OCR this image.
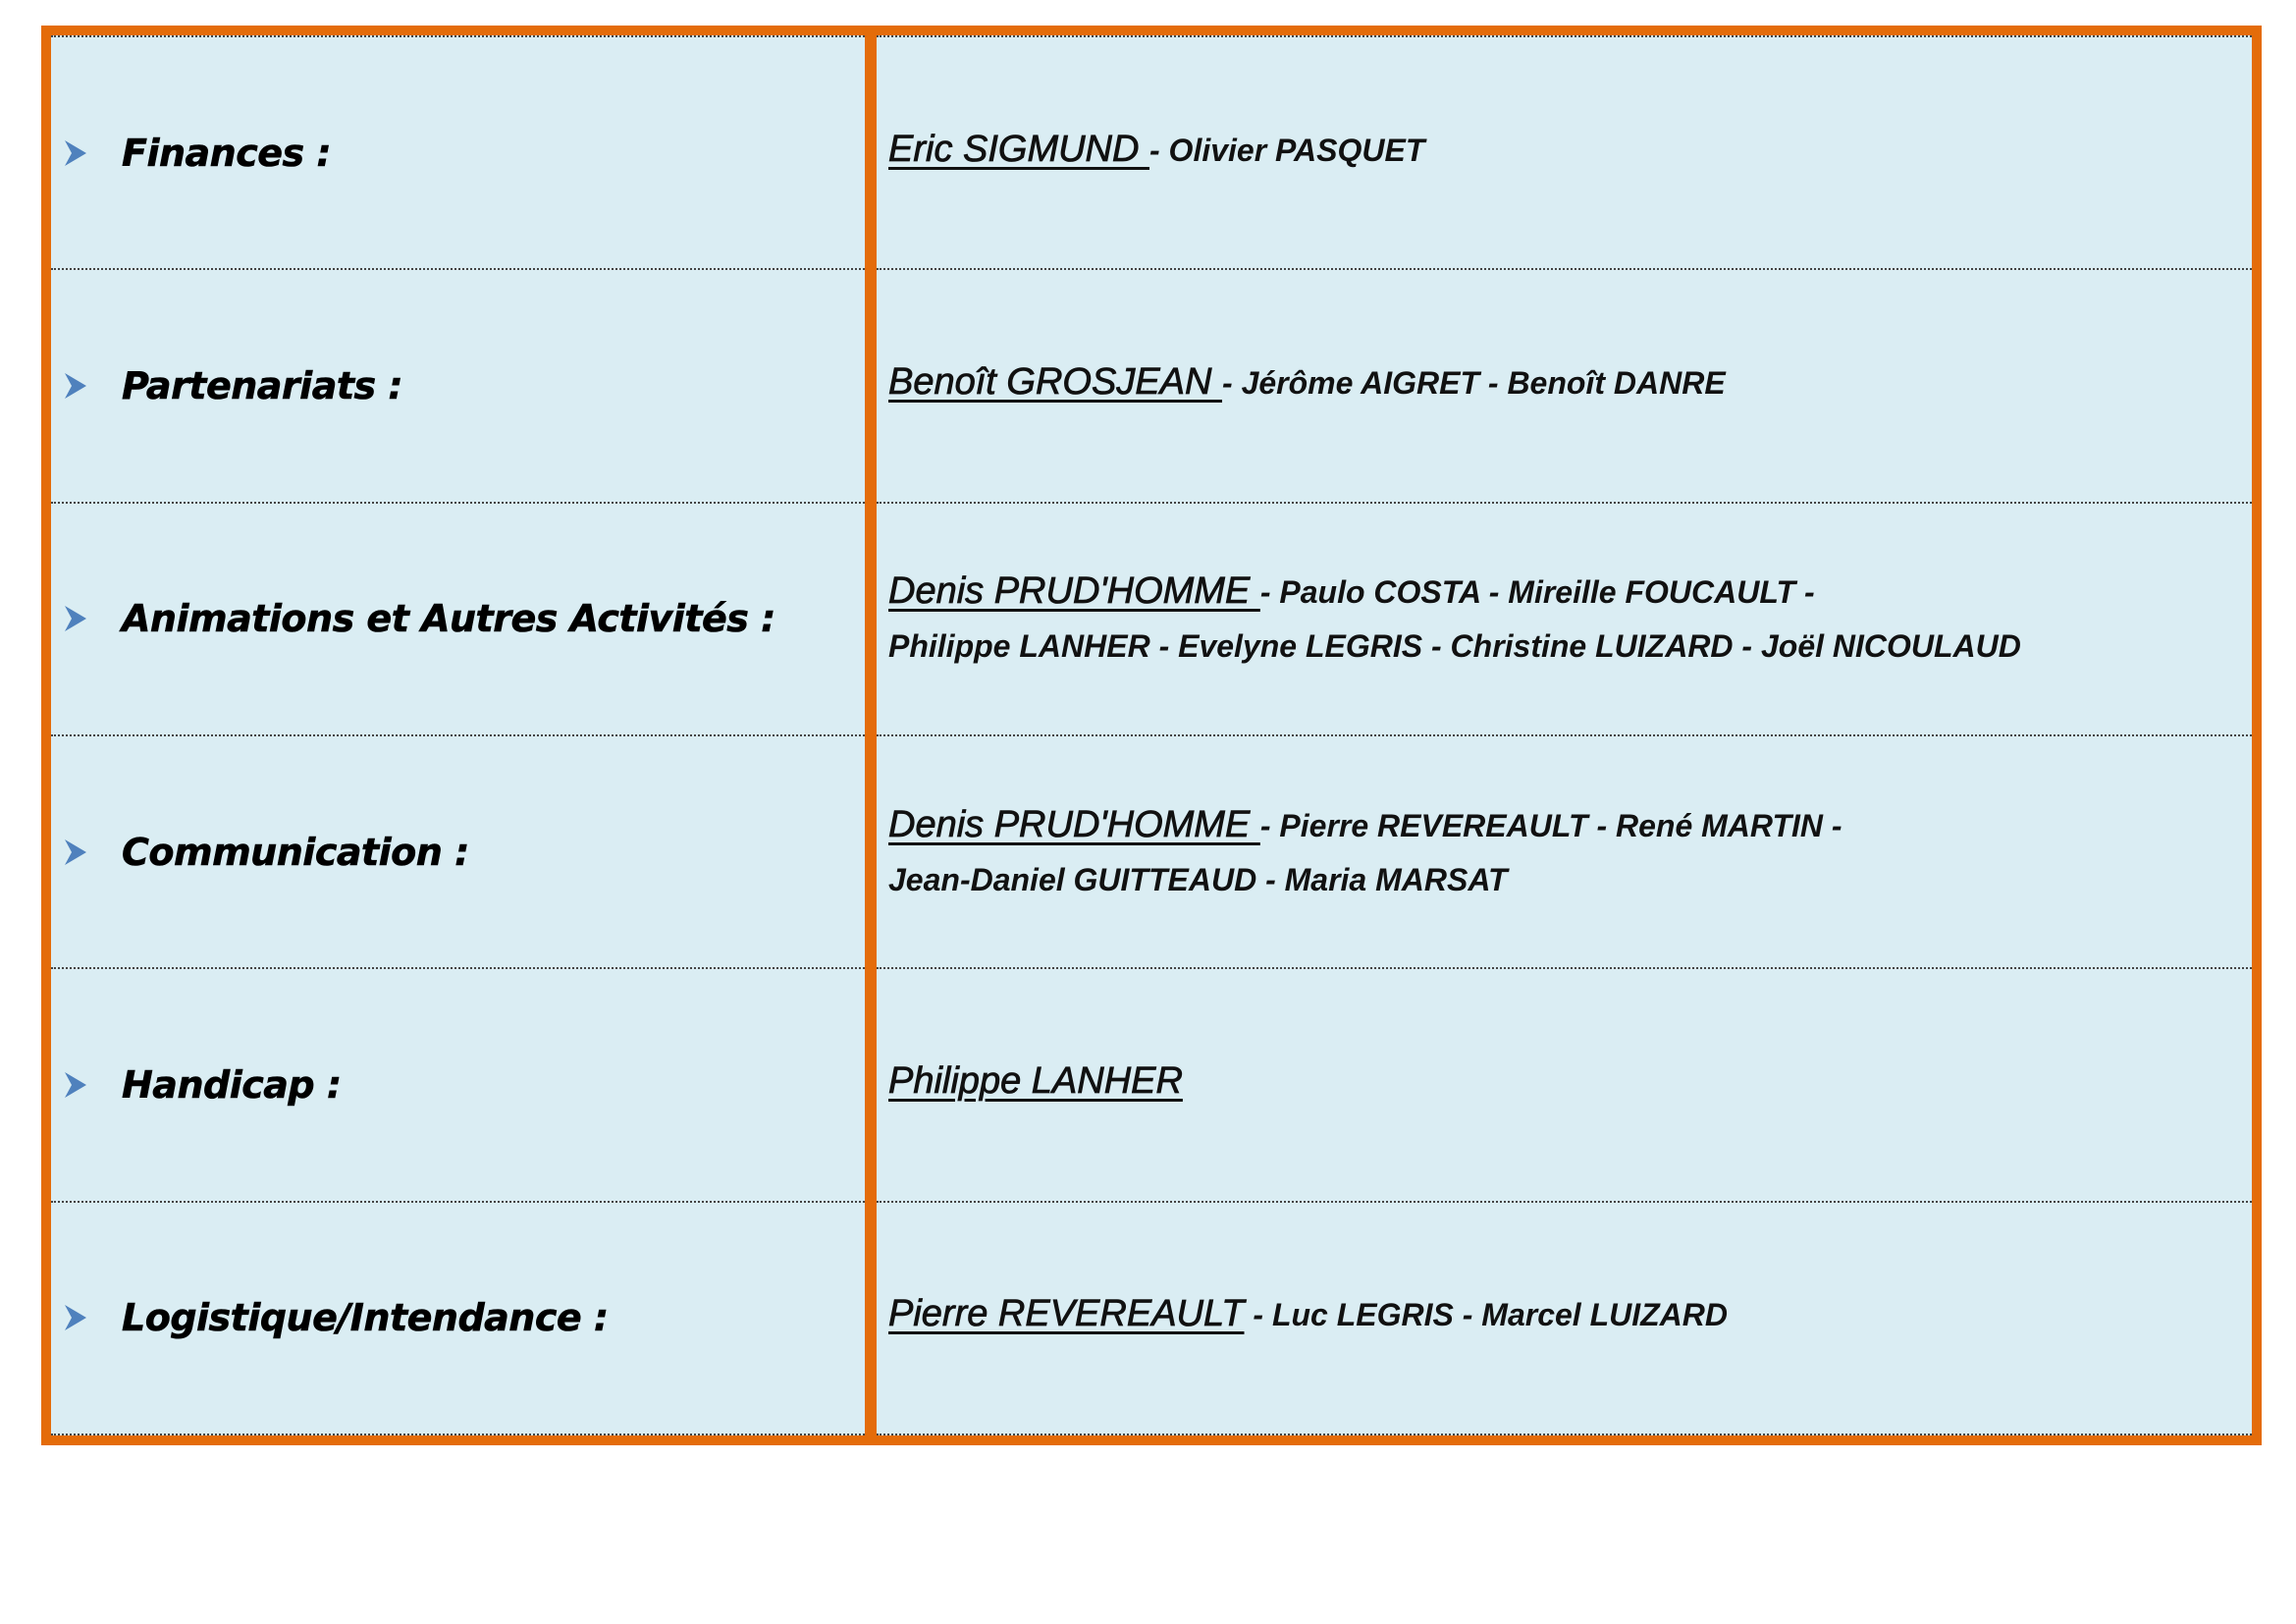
Finances :
Partenariats :
Animations et Autres Activités :
Communication :
Handicap :
Logistique/Intendance :
Eric SIGMUND - Olivier PASQUET
Benoît GROSJEAN - Jérôme AIGRET - Benoît DANRE
Denis PRUD'HOMME - Paulo COSTA - Mireille FOUCAULT -
Philippe LANHER - Evelyne LEGRIS - Christine LUIZARD - Joël NICOULAUD
Denis PRUD'HOMME - Pierre REVEREAULT - René MARTIN -
Jean-Daniel GUITTEAUD - Maria MARSAT
Philippe LANHER
Pierre REVEREAULT - Luc LEGRIS - Marcel LUIZARD
